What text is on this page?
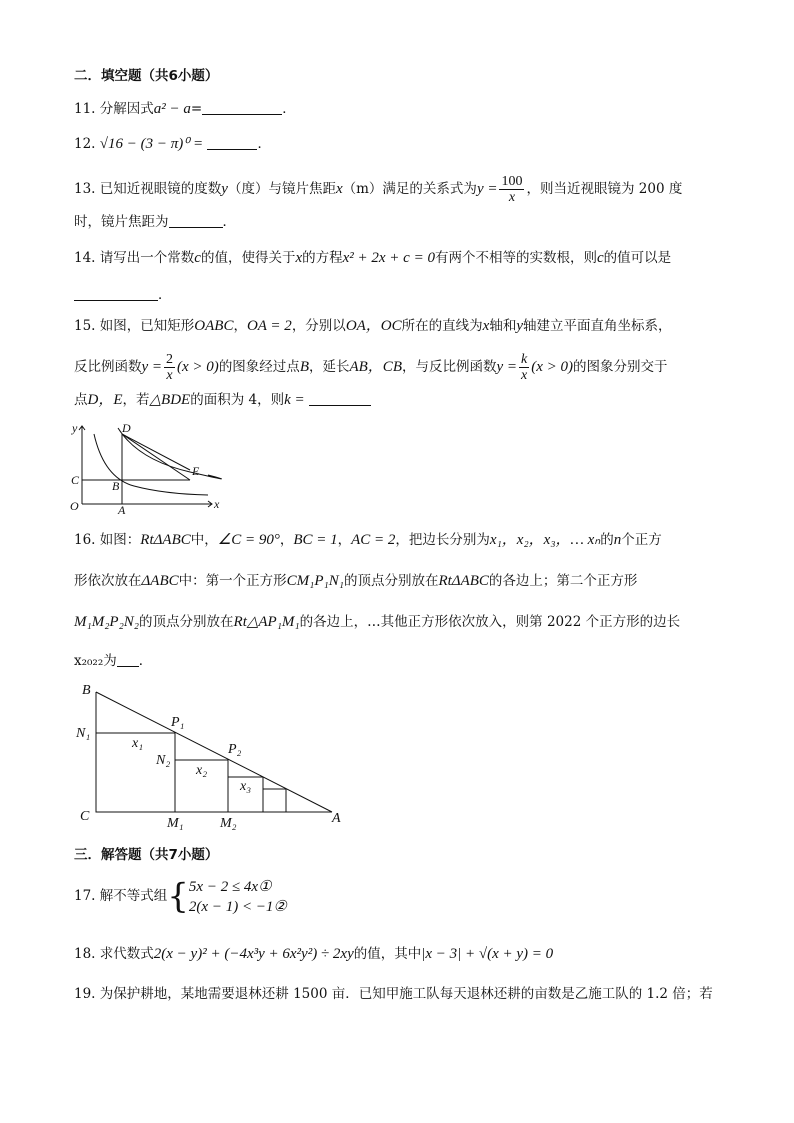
二．填空题（共6小题）
11. 分解因式a² − a=	．
12. √16 − (3 − π)⁰ =	．
13. 已知近视眼镜的度数y（度）与镜片焦距x（m）满足的关系式为$y = \frac{100}{x}$ ，则当近视眼镜为 200 度
时，镜片焦距为	．
14. 请写出一个常数c的值，使得关于x的方程x² + 2x + c = 0有两个不相等的实数根，则c的值可以是
．
15. 如图，已知矩形OABC，OA = 2，分别以OA，OC所在的直线为x轴和y轴建立平面直角坐标系，
反比例函数$y = \frac{2}{x} (x > 0)$的图象经过点B，延长AB，CB，与反比例函数$y = \frac{k}{x} (x > 0)$的图象分别交于
点D，E，若△BDE的面积为 4，则k =
y
x
O	A
B
C
D
E
16. 如图：RtΔABC中，∠C = 90°，BC = 1，AC = 2，把边长分别为x₁，x₂，x₃，… xₙ的n个正方
形依次放在ΔABC中：第一个正方形CM₁P₁N₁的顶点分别放在RtΔABC的各边上；第二个正方形
M₁M₂P₂N₂的顶点分别放在Rt△AP₁M₁的各边上，…其他正方形依次放入，则第 2022 个正方形的边长
x₂₀₂₂为 ．
B
C	A
N₁
N₂
P₁
P₂
M₁	M₂
x₁
x₂
x₃
三．解答题（共7小题）
17. 解不等式组{ 5x − 2 ≤ 4x①
2(x − 1) < −1②
18. 求代数式2(x − y)² + (−4x³y + 6x²y²) ÷ 2xy的值，其中|x − 3| + √(x + y) = 0
19. 为保护耕地，某地需要退林还耕 1500 亩．已知甲施工队每天退林还耕的亩数是乙施工队的 1.2 倍；若
